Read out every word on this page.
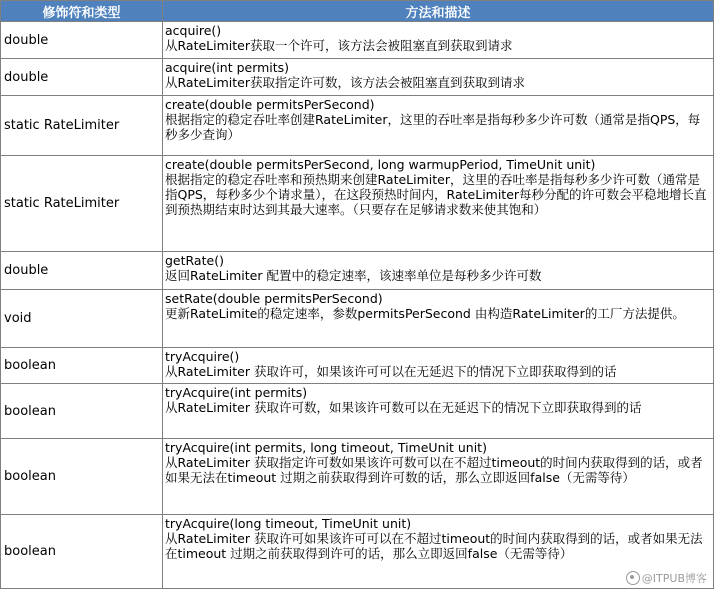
修饰符和类型	方法和描述
double	acquire()
从RateLimiter获取一个许可，该方法会被阻塞直到获取到请求

double	acquire(int permits)
从RateLimiter获取指定许可数，该方法会被阻塞直到获取到请求

static RateLimiter	create(double permitsPerSecond)
根据指定的稳定吞吐率创建RateLimiter，这里的吞吐率是指每秒多少许可数（通常是指QPS，每秒多少查询）

static RateLimiter	create(double permitsPerSecond, long warmupPeriod, TimeUnit unit)
根据指定的稳定吞吐率和预热期来创建RateLimiter，这里的吞吐率是指每秒多少许可数（通常是指QPS，每秒多少个请求量），在这段预热时间内，RateLimiter每秒分配的许可数会平稳地增长直到预热期结束时达到其最大速率。（只要存在足够请求数来使其饱和）

double	getRate()
返回RateLimiter 配置中的稳定速率，该速率单位是每秒多少许可数

void	setRate(double permitsPerSecond)
更新RateLimite的稳定速率，参数permitsPerSecond 由构造RateLimiter的工厂方法提供。

boolean	tryAcquire()
从RateLimiter 获取许可，如果该许可可以在无延迟下的情况下立即获取得到的话

boolean	tryAcquire(int permits)
从RateLimiter 获取许可数，如果该许可数可以在无延迟下的情况下立即获取得到的话

boolean	tryAcquire(int permits, long timeout, TimeUnit unit)
从RateLimiter 获取指定许可数如果该许可数可以在不超过timeout的时间内获取得到的话，或者如果无法在timeout 过期之前获取得到许可数的话，那么立即返回false（无需等待）

boolean	tryAcquire(long timeout, TimeUnit unit)
从RateLimiter 获取许可如果该许可可以在不超过timeout的时间内获取得到的话，或者如果无法在timeout 过期之前获取得到许可的话，那么立即返回false（无需等待）
@ITPUB博客
